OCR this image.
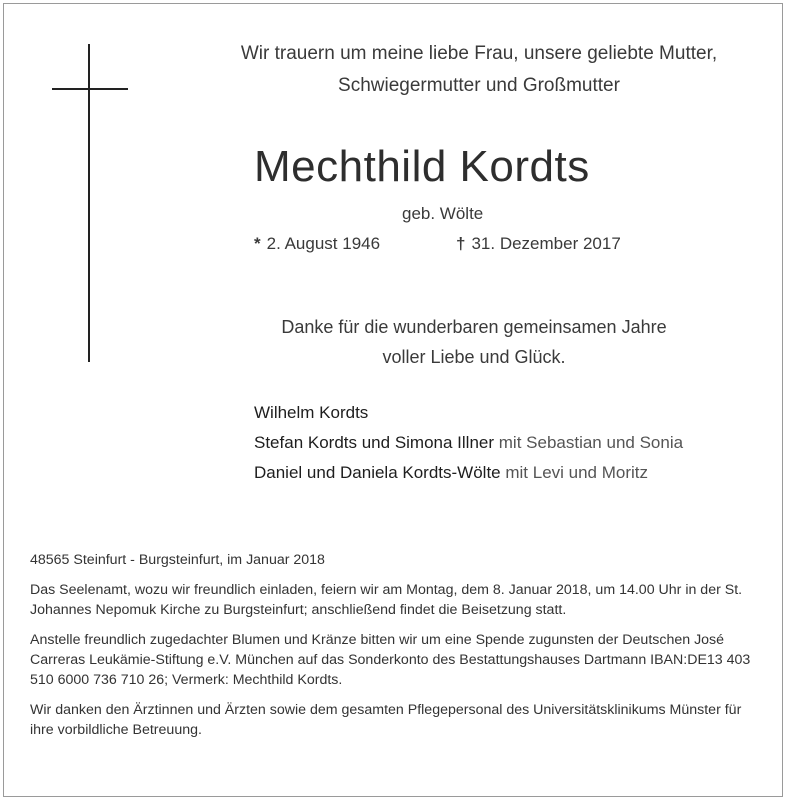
Wir trauern um meine liebe Frau, unsere geliebte Mutter,
Schwiegermutter und Großmutter
Mechthild Kordts
geb. Wölte
* 2. August 1946	† 31. Dezember 2017
Danke für die wunderbaren gemeinsamen Jahre
voller Liebe und Glück.
Wilhelm Kordts
Stefan Kordts und Simona Illner mit Sebastian und Sonia
Daniel und Daniela Kordts-Wölte mit Levi und Moritz

48565 Steinfurt - Burgsteinfurt, im Januar 2018

Das Seelenamt, wozu wir freundlich einladen, feiern wir am Montag, dem 8. Januar 2018, um 14.00 Uhr in der St. Johannes Nepomuk Kirche zu Burgsteinfurt; anschließend findet die Beisetzung statt.

Anstelle freundlich zugedachter Blumen und Kränze bitten wir um eine Spende zugunsten der Deutschen José Carreras Leukämie-Stiftung e.V. München auf das Sonderkonto des Bestattungshauses Dartmann IBAN:DE13 403 510 6000 736 710 26; Vermerk: Mechthild Kordts.

Wir danken den Ärztinnen und Ärzten sowie dem gesamten Pflegepersonal des Universitätsklinikums Münster für ihre vorbildliche Betreuung.
